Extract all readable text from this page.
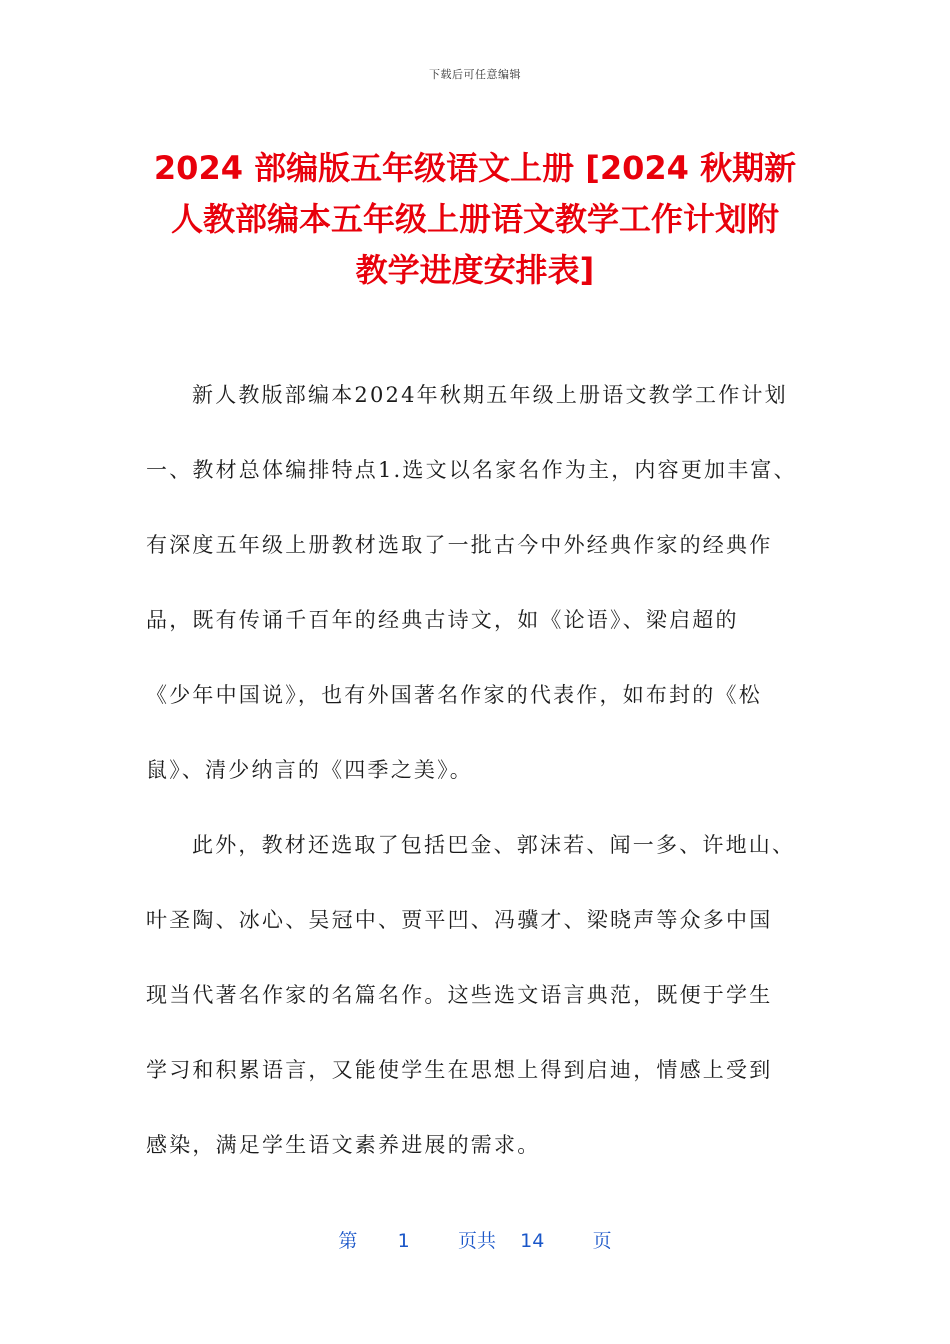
下载后可任意编辑
2024 部编版五年级语文上册 [2024 秋期新
人教部编本五年级上册语文教学工作计划附
教学进度安排表]
新人教版部编本2024年秋期五年级上册语文教学工作计划
一、教材总体编排特点1.选文以名家名作为主，内容更加丰富、
有深度五年级上册教材选取了一批古今中外经典作家的经典作
品，既有传诵千百年的经典古诗文，如《论语》、梁启超的
《少年中国说》，也有外国著名作家的代表作，如布封的《松
鼠》、清少纳言的《四季之美》。
此外，教材还选取了包括巴金、郭沫若、闻一多、许地山、
叶圣陶、冰心、吴冠中、贾平凹、冯骥才、梁晓声等众多中国
现当代著名作家的名篇名作。这些选文语言典范，既便于学生
学习和积累语言，又能使学生在思想上得到启迪，情感上受到
感染，满足学生语文素养进展的需求。
第 1	页共 14	页
